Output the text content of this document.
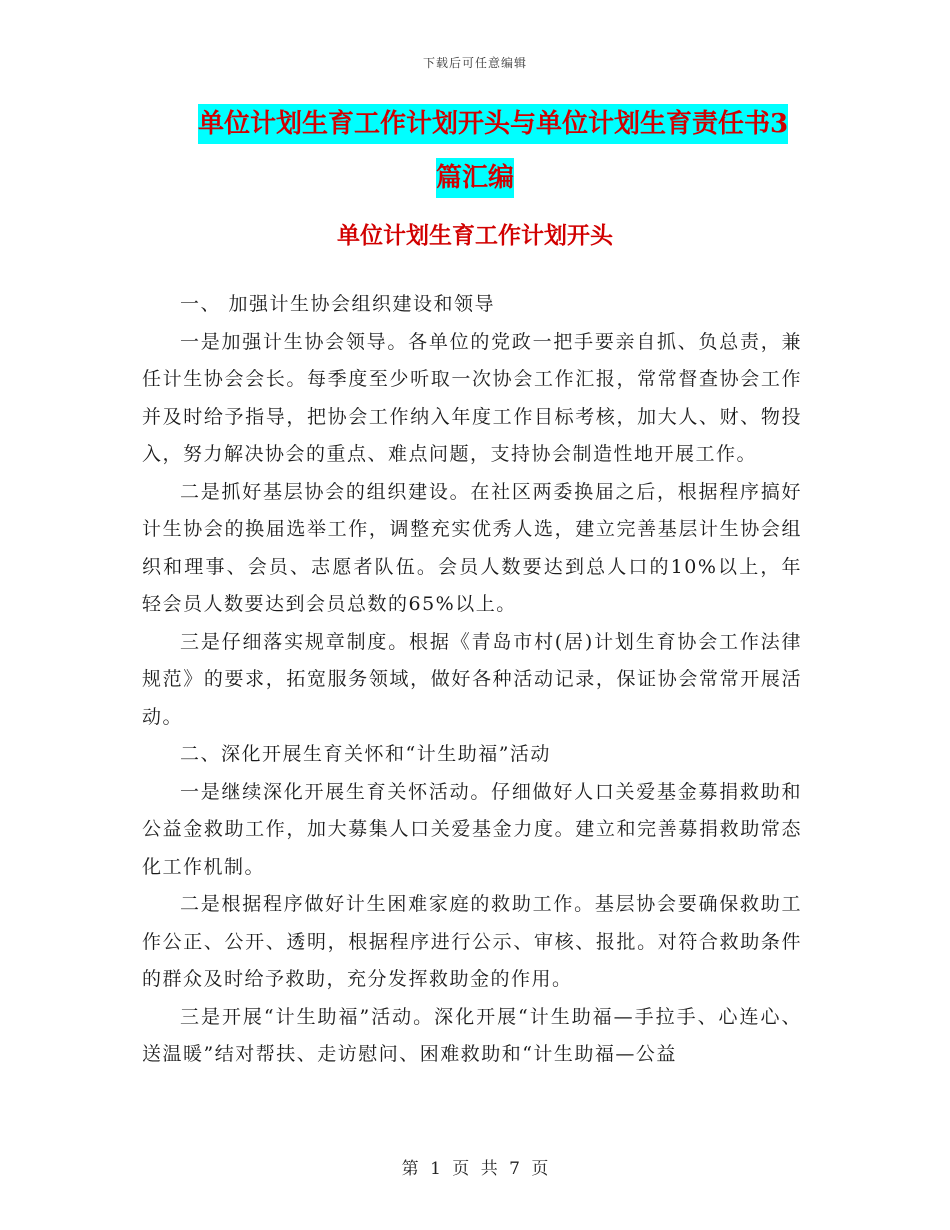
下载后可任意编辑
单位计划生育工作计划开头与单位计划生育责任书3
篇汇编
单位计划生育工作计划开头

一、 加强计生协会组织建设和领导

一是加强计生协会领导。各单位的党政一把手要亲自抓、负总责，兼任计生协会会长。每季度至少听取一次协会工作汇报，常常督查协会工作并及时给予指导，把协会工作纳入年度工作目标考核，加大人、财、物投入，努力解决协会的重点、难点问题，支持协会制造性地开展工作。

二是抓好基层协会的组织建设。在社区两委换届之后，根据程序搞好计生协会的换届选举工作，调整充实优秀人选，建立完善基层计生协会组织和理事、会员、志愿者队伍。会员人数要达到总人口的10%以上，年轻会员人数要达到会员总数的65%以上。

三是仔细落实规章制度。根据《青岛市村(居)计划生育协会工作法律规范》的要求，拓宽服务领域，做好各种活动记录，保证协会常常开展活动。

二、深化开展生育关怀和“计生助福”活动

一是继续深化开展生育关怀活动。仔细做好人口关爱基金募捐救助和公益金救助工作，加大募集人口关爱基金力度。建立和完善募捐救助常态化工作机制。

二是根据程序做好计生困难家庭的救助工作。基层协会要确保救助工作公正、公开、透明，根据程序进行公示、审核、报批。对符合救助条件的群众及时给予救助，充分发挥救助金的作用。

三是开展“计生助福”活动。深化开展“计生助福—手拉手、心连心、送温暖”结对帮扶、走访慰问、困难救助和“计生助福—公益

第 1 页 共 7 页
